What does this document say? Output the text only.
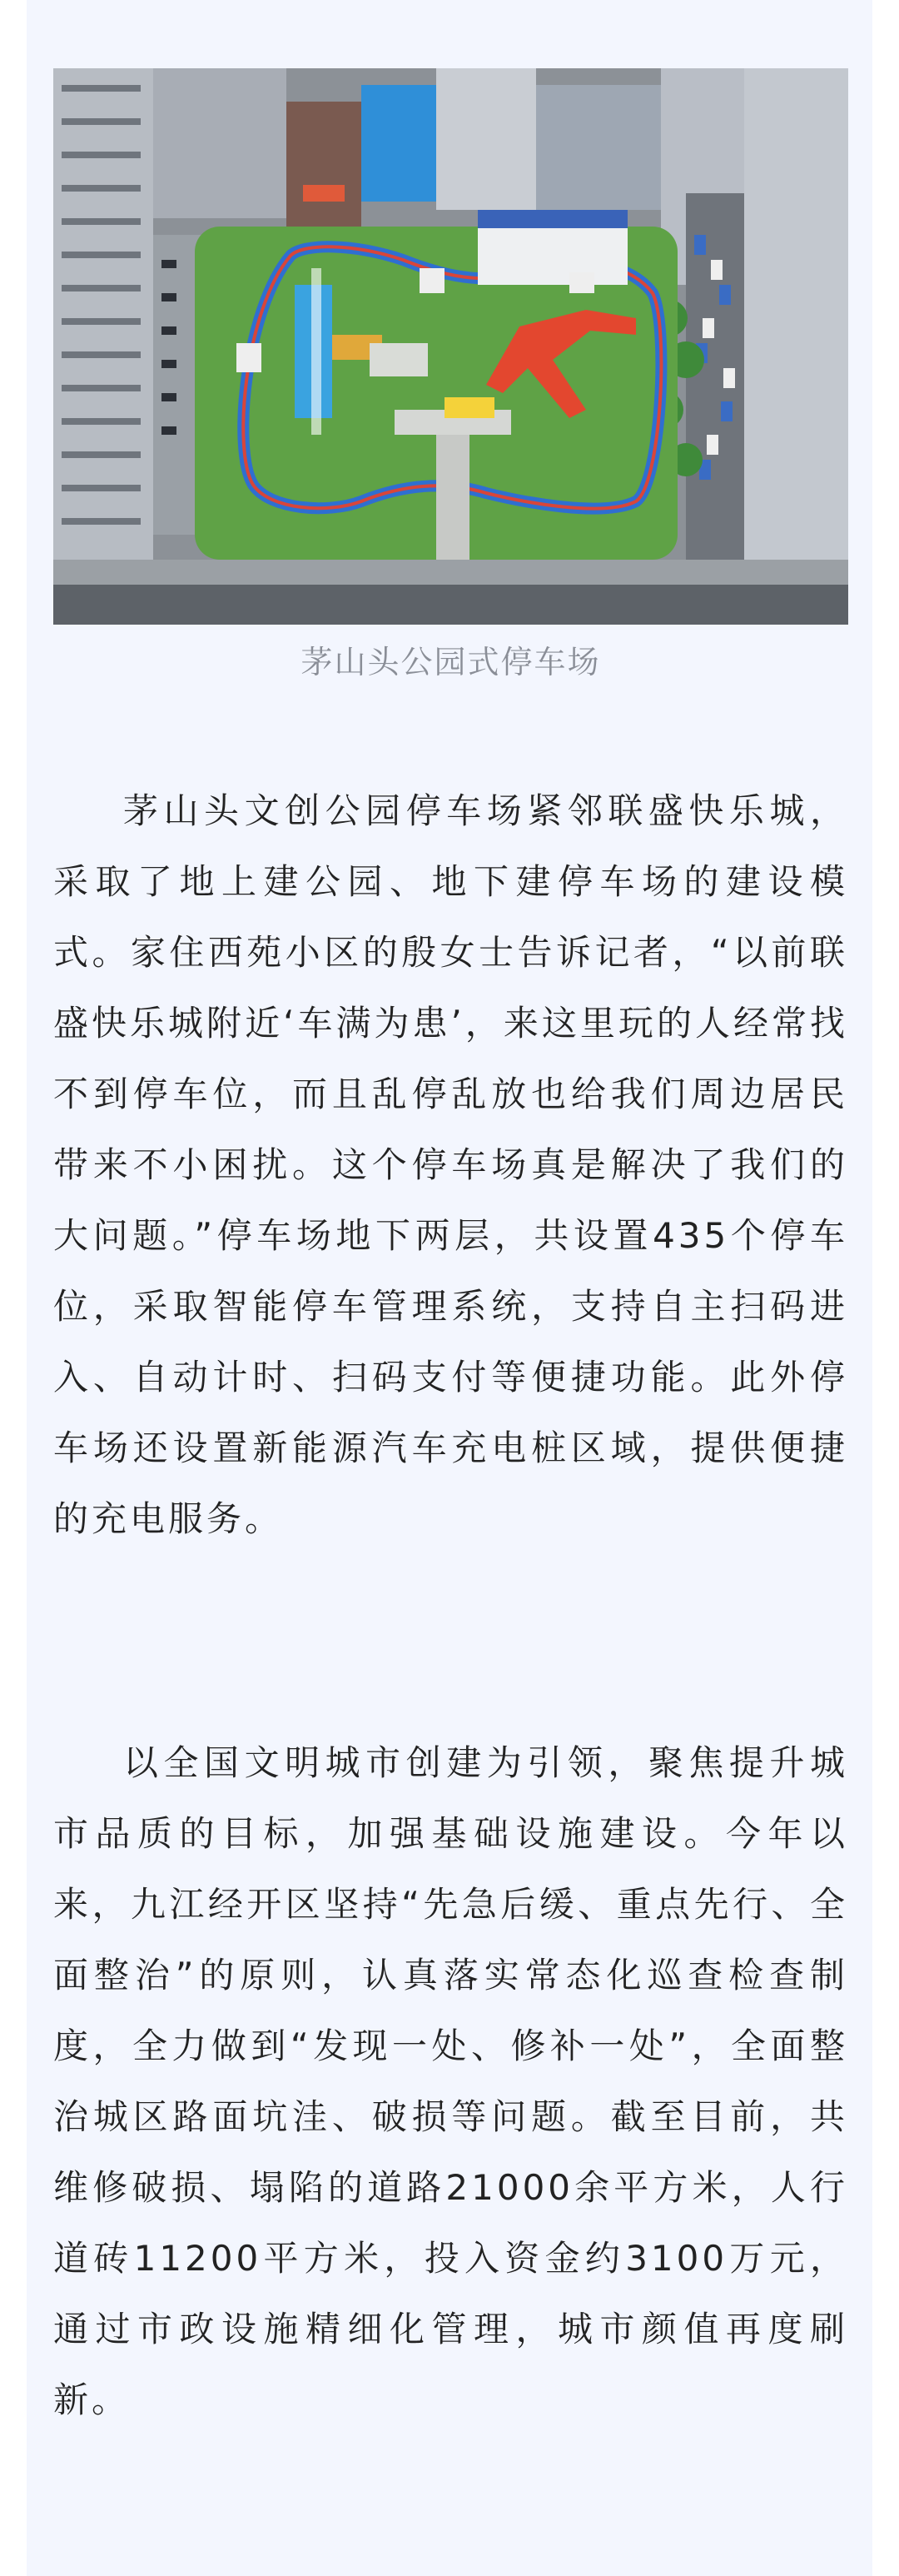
茅山头公园式停车场

茅山头文创公园停车场紧邻联盛快乐城，采取了地上建公园、地下建停车场的建设模式。家住西苑小区的殷女士告诉记者，“以前联盛快乐城附近‘车满为患’，来这里玩的人经常找不到停车位，而且乱停乱放也给我们周边居民带来不小困扰。这个停车场真是解决了我们的大问题。”停车场地下两层，共设置435个停车位，采取智能停车管理系统，支持自主扫码进入、自动计时、扫码支付等便捷功能。此外停车场还设置新能源汽车充电桩区域，提供便捷的充电服务。

以全国文明城市创建为引领，聚焦提升城市品质的目标，加强基础设施建设。今年以来，九江经开区坚持“先急后缓、重点先行、全面整治”的原则，认真落实常态化巡查检查制度，全力做到“发现一处、修补一处”，全面整治城区路面坑洼、破损等问题。截至目前，共维修破损、塌陷的道路21000余平方米，人行道砖11200平方米，投入资金约3100万元，通过市政设施精细化管理，城市颜值再度刷新。
